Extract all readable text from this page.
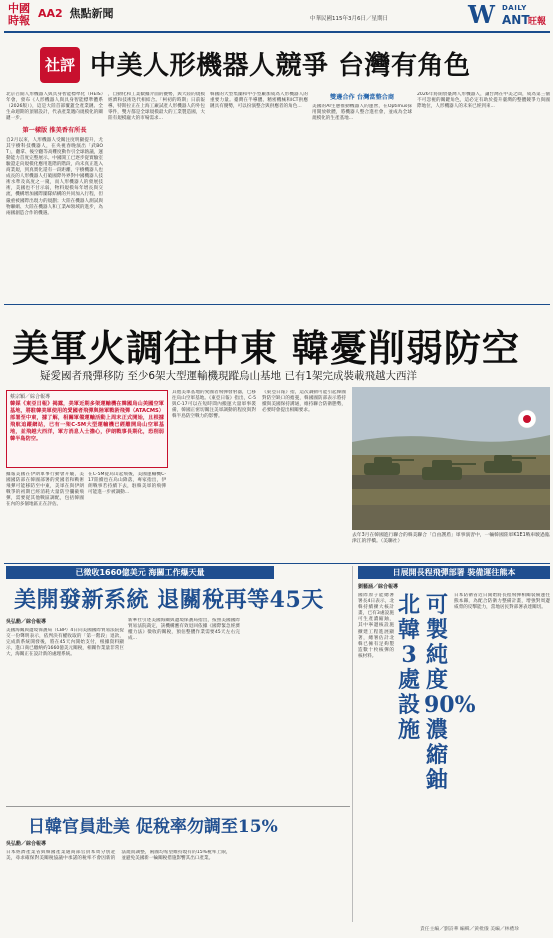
中國
時報
AA2 焦點新聞	中華民國115年3月6日／星期日	W DAILY
ANT
旺報
社評 中美人形機器人競爭 台灣有角色
北京召開人形機器人與具身智能標準化（HEIS）年會，發布《人形機器人與具身智能標準體系（2026版）》，這是大陸首部覆蓋全產業鏈、全生命週期的頂層設計，代表產業邁向規模化的關鍵一步。
第一樣版 推美香有所長
自2月以來，人形機器人受關注度明顯提升，尤其宇樹科技機器人，在央視春晚演出「武BOT」，翻拿、後空翻等高難度動作引全球熱議，運動能力首度完整展示。中國開工已逐步從實驗室驗證走向規模化應用進階的階段，尚未真正進入商業規，到真實化還有一段距離，宇樹機器人也成長的人形機器人打破國際外界對中國機器人技術水準及高度之一窺，而人形機器人的發展技術，美國也不甘示弱，物料規模每年增長與交流，機構增加國際團隊結構的共同加入行程，但嚴重被國際出現力的規劃；大陸在機器人測試與物聯網、大陸在機器人和工業AI領域的進步，為兩國創造合作的機遇。
，自動化和工業數據介面的優勢，與大陸的規模經濟和技術迭代相結合。「柯初的時期」日前報導，特斯拉正在上海工廠試產人形機器人的外包零件，雙方都是全球規模最大的工業製造國，大陸有規模龐大的市場需求...
韓國的大型集團和中小型廠加成為人形機器人的重要力量。臺灣在半導體、精密機械和ICT供應鏈具有優勢，可以扮演整合與供應者的角色...
雙邊合作 台灣當整合商
美國的AI生態推動機器人的運營，在Optimus採用開放軟體，將機器人整合進社會，並成為全球規模化的生產基地...
2026年將開放臺灣人形機器人，讓台灣在中美之間，成為第三個不可忽視的關鍵角色，這必定有助於提升臺灣的整體競爭力與國際地位，人形機器人的未來已經到來...
美軍火調往中東 韓憂削弱防空
疑愛國者飛彈移防 至少6架大型運輸機現蹤烏山基地 已有1架完成裝載飛越大西洋
蔡宗穎／綜合報導
韓媒《東亞日報》揭露，美軍近期多架運輸機在韓國烏山美國空軍基地，將駐韓美軍使用的愛國者飛彈與陸軍戰術飛彈（ATACMS）部署至中東，據了解，相關軍備運輸活動上周末正式開始，且根據飛航追蹤網站，已有一架C-5M大型運輸機已經離開烏山空軍基地，並飛越大西洋，軍方消息人士擔心，伊朗戰事長期化，恐削弱韓半島防空。
據報美國在伊朗軍事行動會升級，美國國防部在韓國部署的愛國者和戰術飛彈可能移防至中東，美軍在與伊朗戰爭的初期已經消耗大量防空攔截飛彈，需要從其他戰區調配，包括韓國在內的多個地區正在評估。
在C-5M從烏山起飛後，美國運輸機C-17陸續也在烏山降落，專家指出，伊朗戰事若持續下去，駐韓美軍的飛彈可能進一步被調動...
其他美軍基地的愛國者飛彈發射器，已移往烏山空軍基地。《東亞日報》指出，C-5與C-17可以在短時間內搬運大量軍事裝備，韓國正密切關注美軍調動的程度與對韓半島防空戰力的影響。
《東亞日報》指，這次調動可能引起韓國對防空缺口的擔憂，韓國國防部表示將持續與美國保持溝通，維持聯合防衛態勢，必要時會提出相關要求。
去年3月在韓國進行聯合的韓美聯合「自由護盾」軍事演習中，一輛韓國陸軍K1E1戰車駛過臨津江的浮橋。（美聯社）
已徵收1660億美元 海關工作爆天量
美開發新系統 退關稅再等45天
吳弘勳／綜合報導
美國海關與邊境保護局（CBP）4日向美國國際貿易法院提交一份聲明表示，依判決有權收取的「第一階段」退款，完成新系統開發後，將在45天內開始支付，根據資料顯示，進口商已繳納約1660億美元關稅，相關作業量非常巨大，海關正在設計新的處理系統。
新華社引述美國海關與邊境保護局指出，按照美國國際貿易法院裁定，該機構應有效退回依據《國際緊急經濟權力法》徵收的關稅，預估整體作業需要45天左右完成...
日韓官員赴美 促稅率勿調至15%
吳弘勳／綜合報導
日本經濟產業省與韓國產業通商部官員本周分別赴美，尋求確保對美關稅協議中承諾的稅率不會因新的法規而調整，兩國均希望維持現有的15%稅率上限，並避免美國新一輪關稅措施影響其出口產業。
日展開長程飛彈部署 裝備運往熊本
劉藝涵／綜合報導
國際原子能總署署長4日表示，北韓持續擴大核計畫，已有3處設施可生產濃縮鈾，其中寧邊核設施擴建工程進展顯著，總署估計北韓已擁有足夠製造數十枚核彈的核材料。
北韓3處設施
可製純度90%濃縮鈾
日本防衛省近日開始將長程飛彈相關裝備運往熊本縣，為配合防衛力整備計畫，增強對周邊威脅的反擊能力，當地居民對部署表達關切。
責任主編／劉詩華 編輯／黃枇儀 美編／林禮珍
